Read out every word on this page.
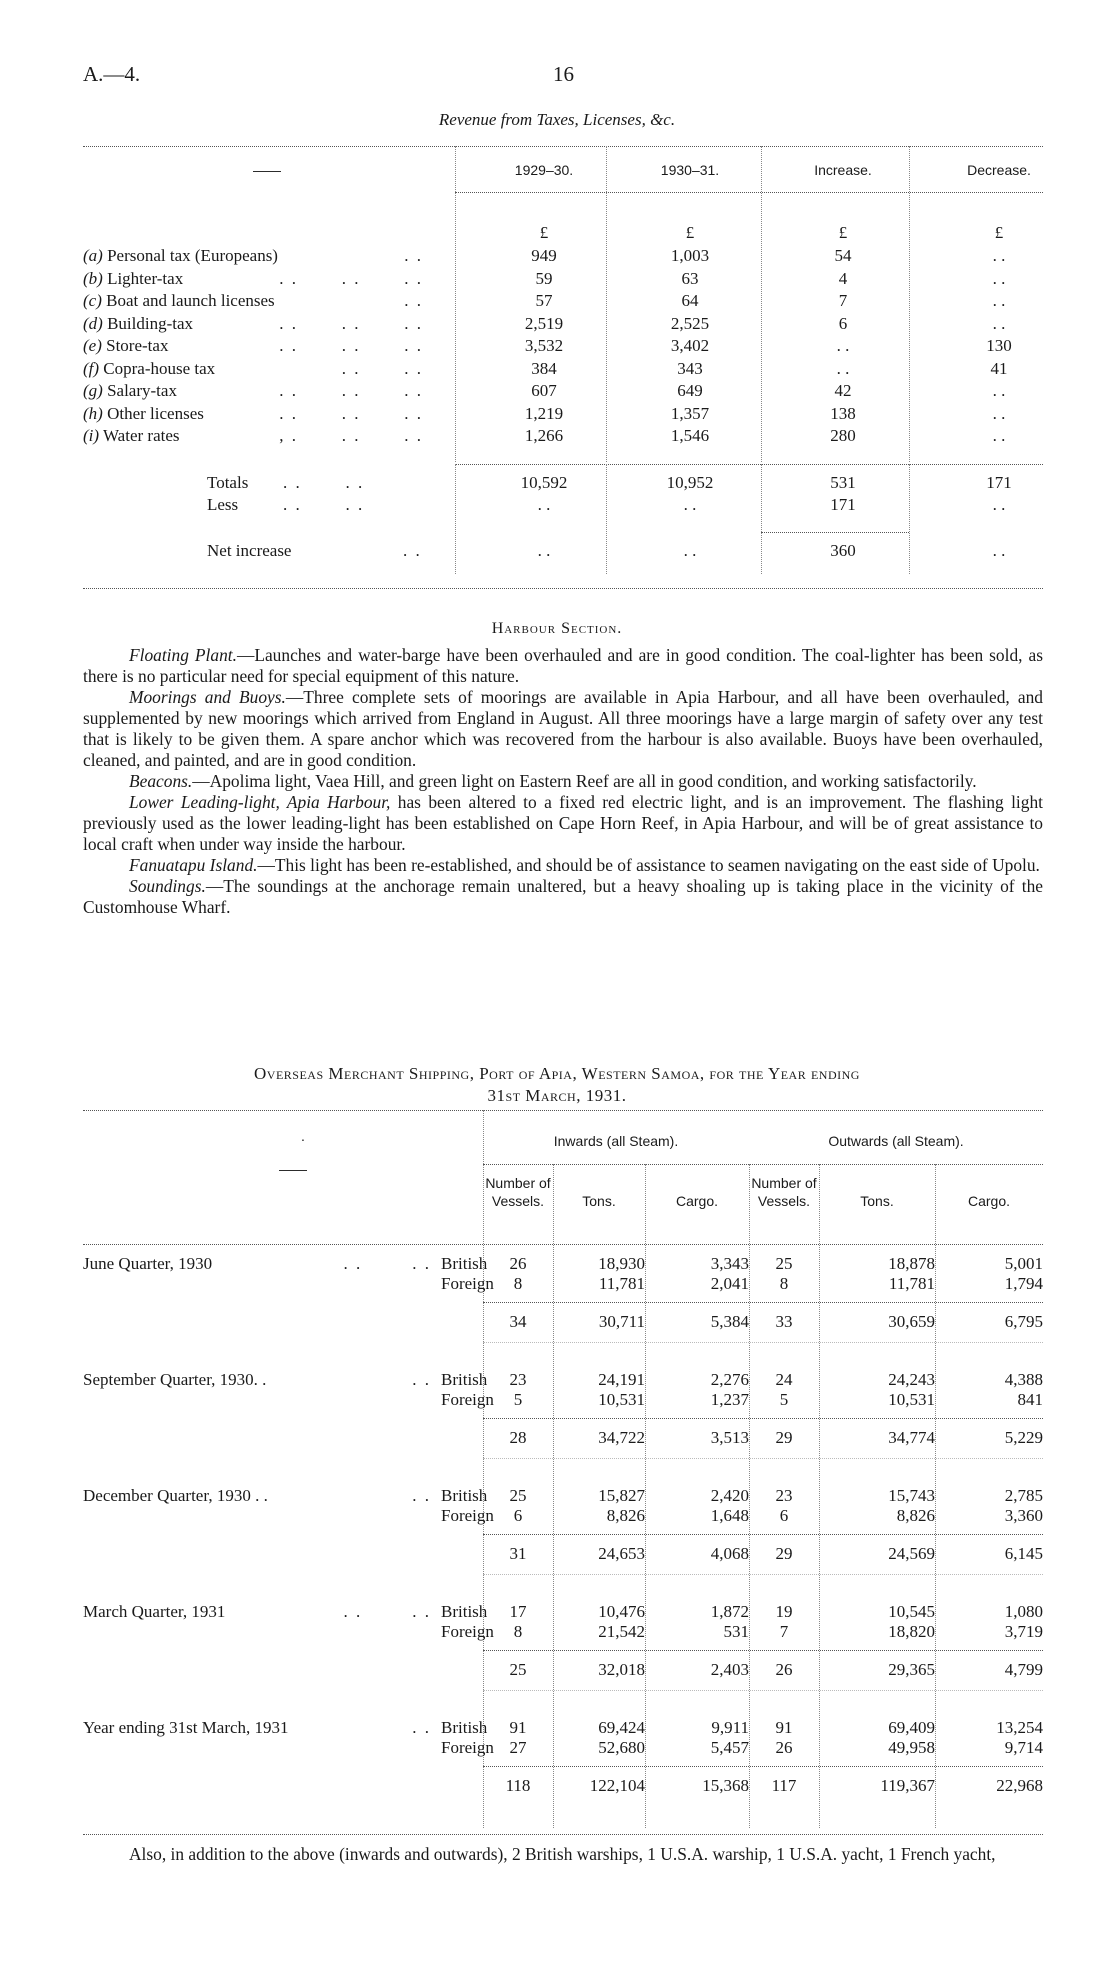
A.—4.	16
Revenue from Taxes, Licenses, &c.
——	1929–30.	1930–31.	Increase.	Decrease.
£	£	£	£
(a) Personal tax (Europeans)	. .	949	1,003	54	. .
(b) Lighter-tax	. .       . .       . .	59	63	4	. .
(c) Boat and launch licenses	. .	57	64	7	. .
(d) Building-tax	. .       . .       . .	2,519	2,525	6	. .
(e) Store-tax	. .       . .       . .	3,532	3,402	. .	130
(f) Copra-house tax	. .       . .	384	343	. .	41
(g) Salary-tax	. .       . .       . .	607	649	42	. .
(h) Other licenses	. .       . .       . .	1,219	1,357	138	. .
(i) Water rates	, .       . .       . .	1,266	1,546	280	. .
Totals . .       . .	10,592	10,952	531	171
Less	. .       . .	. .	. .	171	. .
Net increase	. .	. .	. .	360	. .
Harbour Section.

Floating Plant.—Launches and water-barge have been overhauled and are in good condition. The coal-lighter has been sold, as there is no particular need for special equipment of this nature.

Moorings and Buoys.—Three complete sets of moorings are available in Apia Harbour, and all have been overhauled, and supplemented by new moorings which arrived from England in August. All three moorings have a large margin of safety over any test that is likely to be given them. A spare anchor which was recovered from the harbour is also available. Buoys have been overhauled, cleaned, and painted, and are in good condition.

Beacons.—Apolima light, Vaea Hill, and green light on Eastern Reef are all in good condition, and working satisfactorily.

Lower Leading-light, Apia Harbour, has been altered to a fixed red electric light, and is an improvement. The flashing light previously used as the lower leading-light has been established on Cape Horn Reef, in Apia Harbour, and will be of great assistance to local craft when under way inside the harbour.

Fanuatapu Island.—This light has been re-established, and should be of assistance to seamen navigating on the east side of Upolu.

Soundings.—The soundings at the anchorage remain unaltered, but a heavy shoaling up is taking place in the vicinity of the Customhouse Wharf.

Overseas Merchant Shipping, Port of Apia, Western Samoa, for the Year ending
31st March, 1931.
·
——
Inwards (all Steam).	Outwards (all Steam).
Number of Vessels.	Tons.	Cargo.
Number of Vessels.	Tons.	Cargo.
June Quarter, 1930	. .        . . British	26	18,930	3,343	25	18,878	5,001
Foreign	8	11,781	2,041	8	11,781	1,794
34	30,711	5,384	33	30,659	6,795
September Quarter, 1930. .	. . British	23	24,191	2,276	24	24,243	4,388
Foreign	5	10,531	1,237	5	10,531	841
28	34,722	3,513	29	34,774	5,229
December Quarter, 1930 . .	. . British	25	15,827	2,420	23	15,743	2,785
Foreign	6	8,826	1,648	6	8,826	3,360
31	24,653	4,068	29	24,569	6,145
March Quarter, 1931	. .        . . British	17	10,476	1,872	19	10,545	1,080
Foreign	8	21,542	531	7	18,820	3,719
25	32,018	2,403	26	29,365	4,799
Year ending 31st March, 1931	. . British	91	69,424	9,911	91	69,409	13,254
Foreign 27	52,680	5,457	26	49,958	9,714
118	122,104	15,368	117	119,367	22,968

Also, in addition to the above (inwards and outwards), 2 British warships, 1 U.S.A. warship, 1 U.S.A. yacht, 1 French yacht,
